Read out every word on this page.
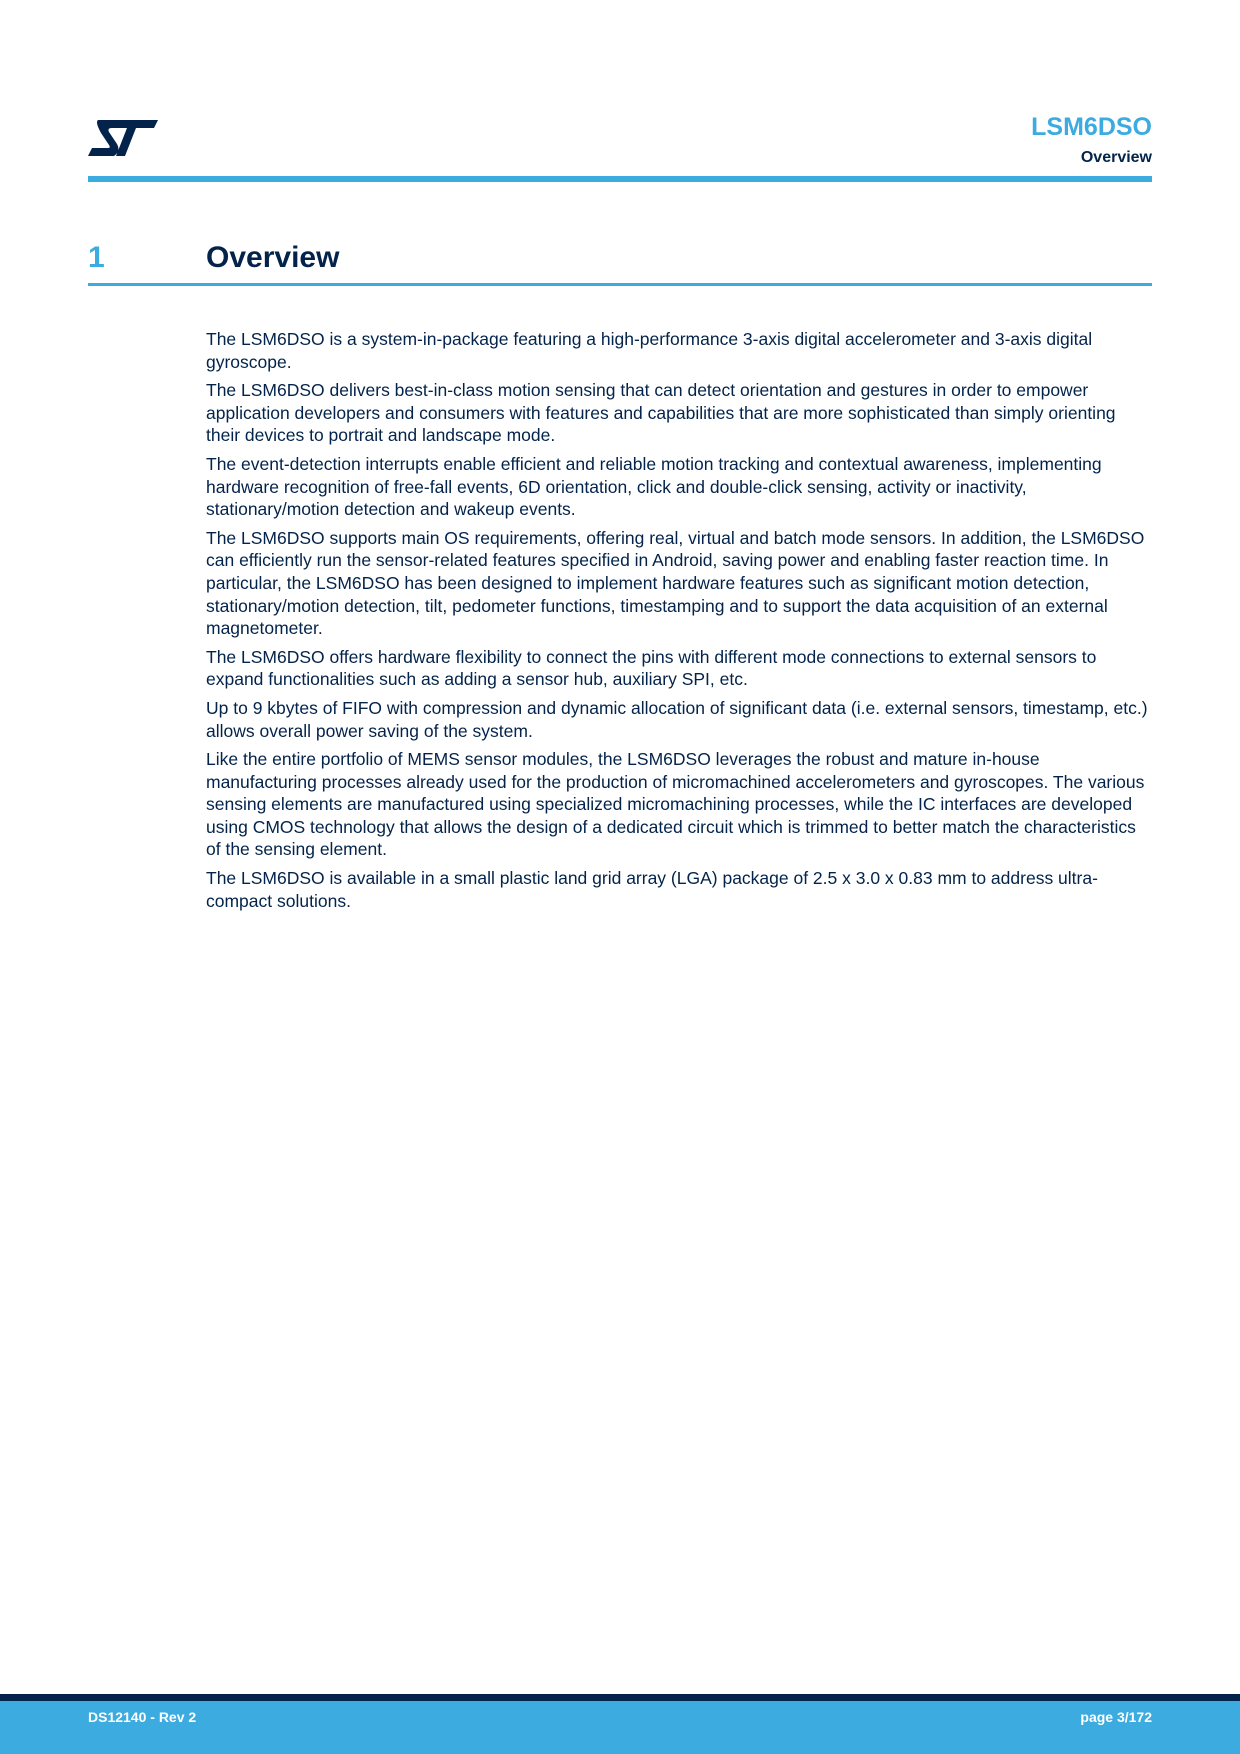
LSM6DSO
Overview
1	Overview

The LSM6DSO is a system-in-package featuring a high-performance 3-axis digital accelerometer and 3-axis digital gyroscope.

The LSM6DSO delivers best-in-class motion sensing that can detect orientation and gestures in order to empower application developers and consumers with features and capabilities that are more sophisticated than simply orienting their devices to portrait and landscape mode.

The event-detection interrupts enable efficient and reliable motion tracking and contextual awareness, implementing hardware recognition of free-fall events, 6D orientation, click and double-click sensing, activity or inactivity, stationary/motion detection and wakeup events.

The LSM6DSO supports main OS requirements, offering real, virtual and batch mode sensors. In addition, the LSM6DSO can efficiently run the sensor-related features specified in Android, saving power and enabling faster reaction time. In particular, the LSM6DSO has been designed to implement hardware features such as significant motion detection, stationary/motion detection, tilt, pedometer functions, timestamping and to support the data acquisition of an external magnetometer.

The LSM6DSO offers hardware flexibility to connect the pins with different mode connections to external sensors to expand functionalities such as adding a sensor hub, auxiliary SPI, etc.

Up to 9 kbytes of FIFO with compression and dynamic allocation of significant data (i.e. external sensors, timestamp, etc.) allows overall power saving of the system.

Like the entire portfolio of MEMS sensor modules, the LSM6DSO leverages the robust and mature in-house manufacturing processes already used for the production of micromachined accelerometers and gyroscopes. The various sensing elements are manufactured using specialized micromachining processes, while the IC interfaces are developed using CMOS technology that allows the design of a dedicated circuit which is trimmed to better match the characteristics of the sensing element.

The LSM6DSO is available in a small plastic land grid array (LGA) package of 2.5 x 3.0 x 0.83 mm to address ultra-compact solutions.

DS12140 - Rev 2	page 3/172
